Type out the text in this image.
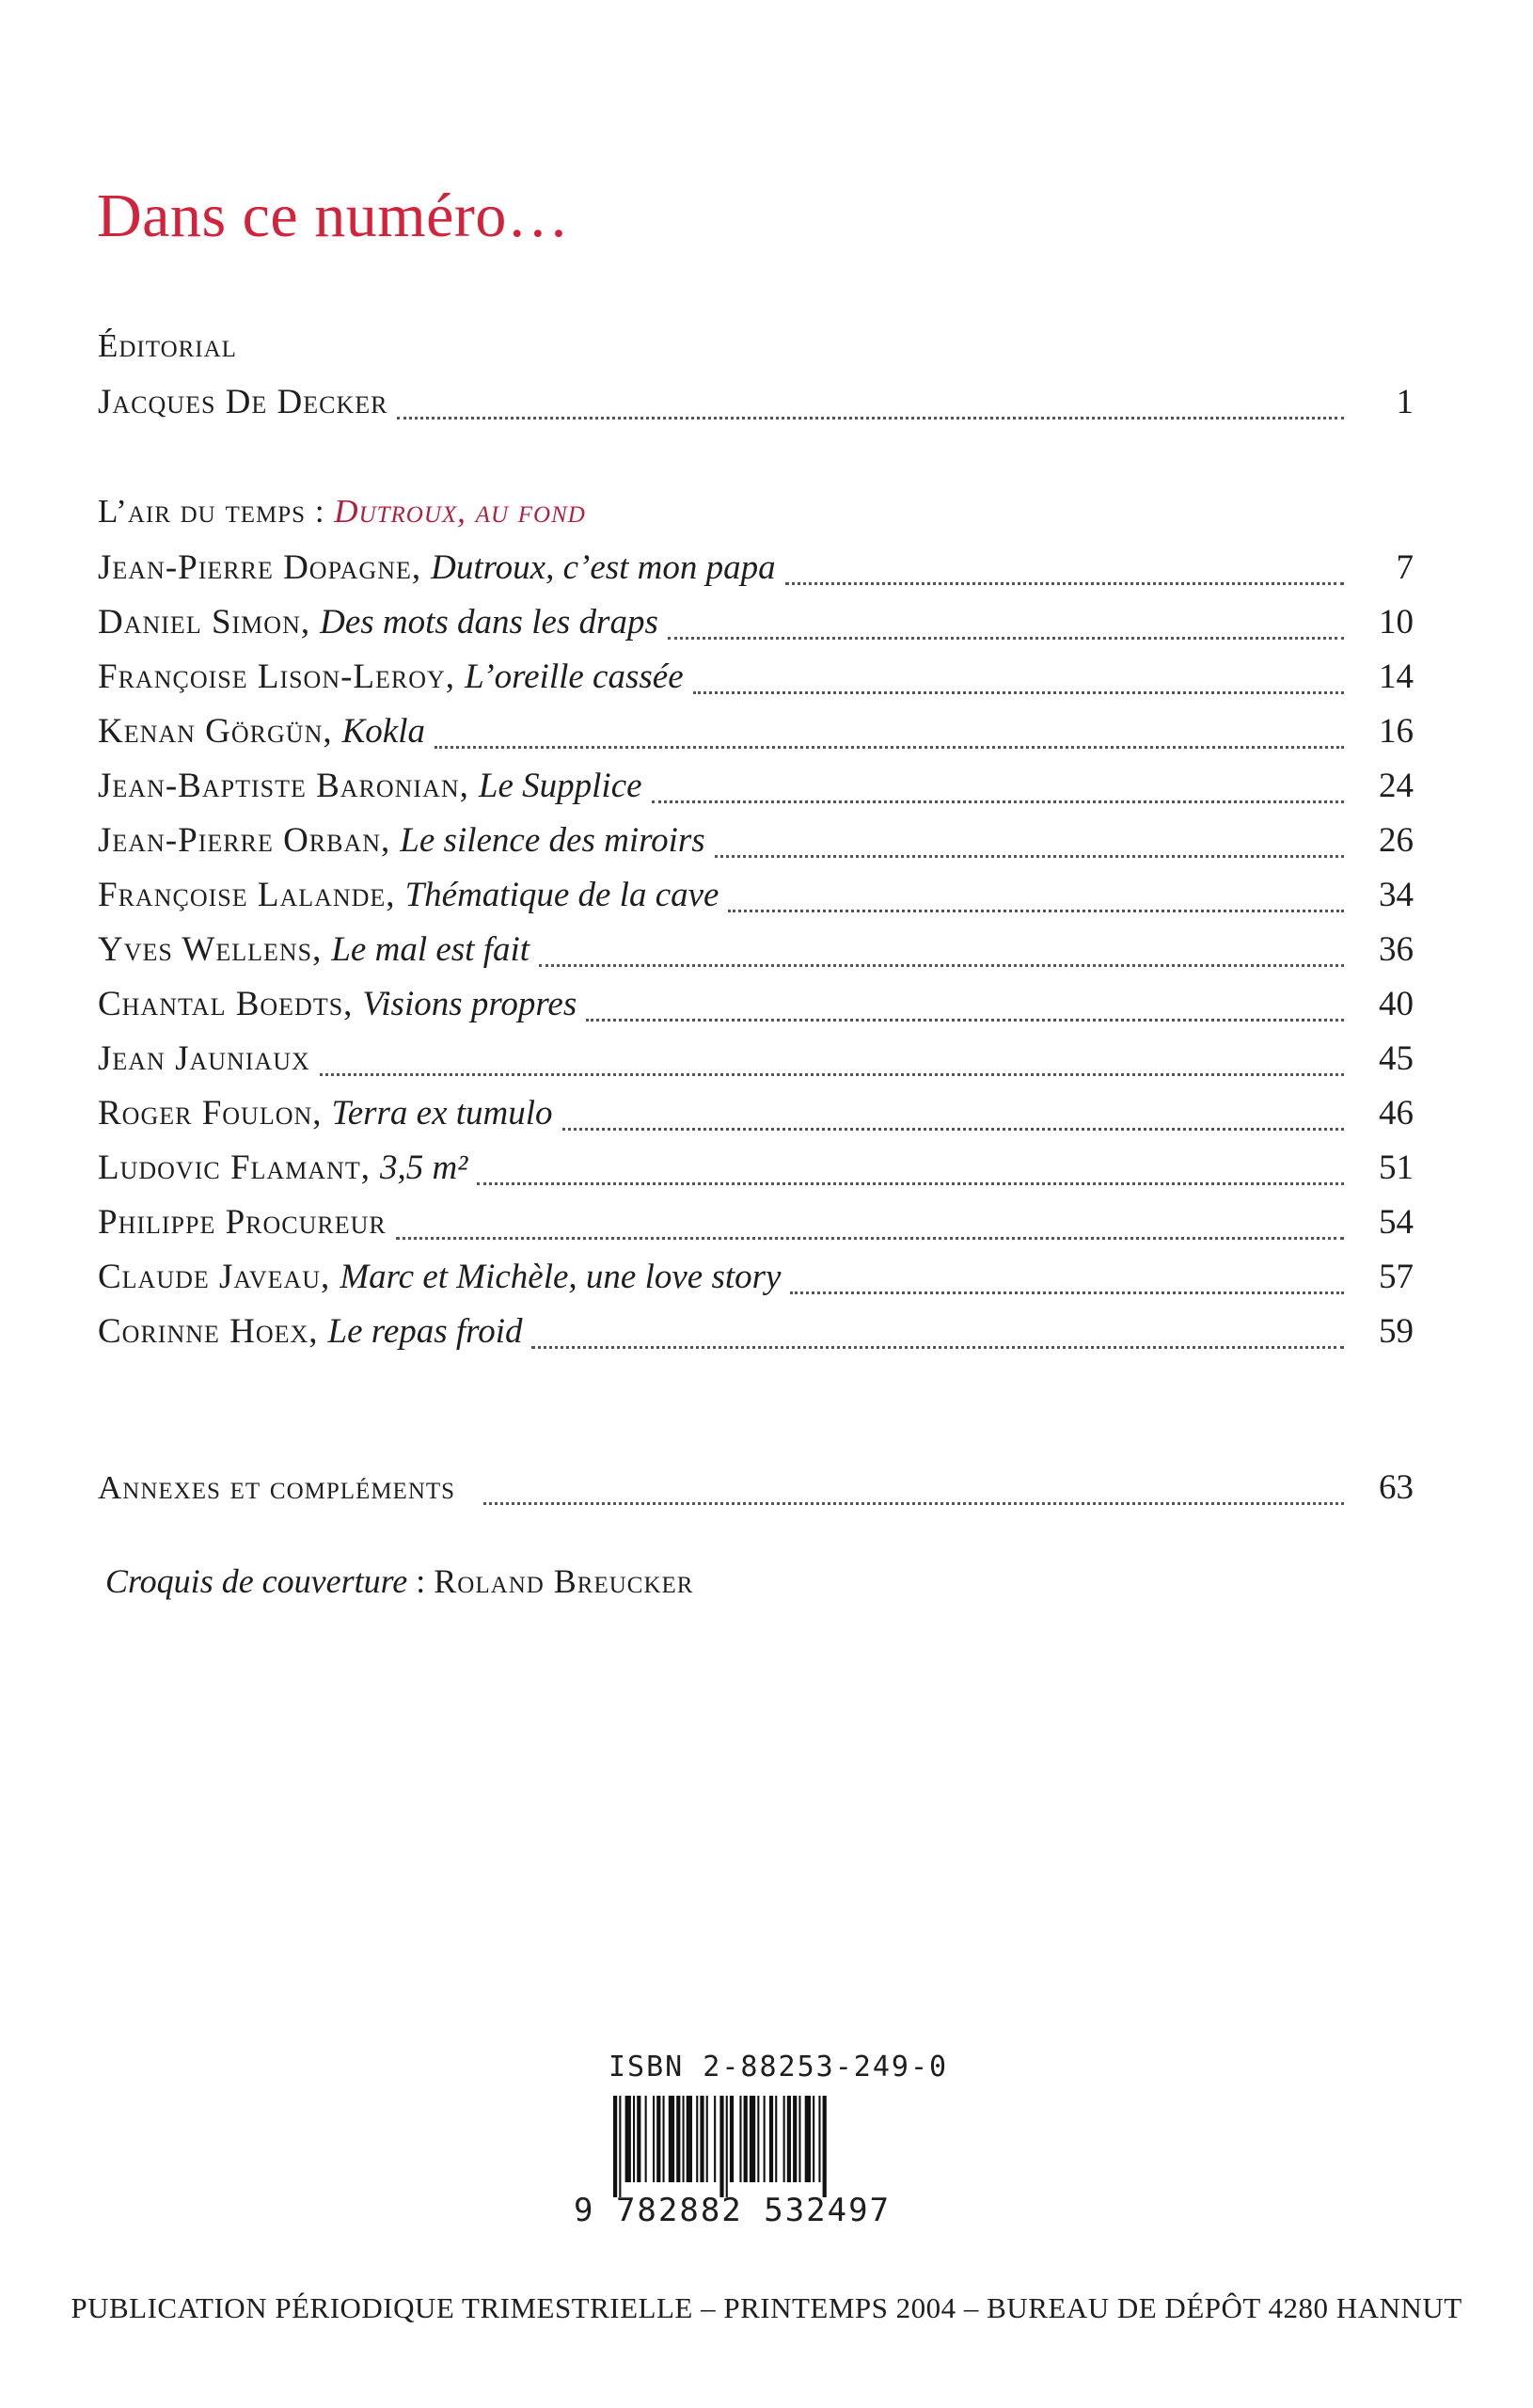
Dans ce numéro…
Éditorial
Jacques De Decker	1
L’air du temps : Dutroux, au fond
Jean-Pierre Dopagne, Dutroux, c’est mon papa	7
Daniel Simon, Des mots dans les draps	10
Françoise Lison-Leroy, L’oreille cassée	14
Kenan Görgün, Kokla	16
Jean-Baptiste Baronian, Le Supplice	24
Jean-Pierre Orban, Le silence des miroirs	26
Françoise Lalande, Thématique de la cave	34
Yves Wellens, Le mal est fait	36
Chantal Boedts, Visions propres	40
Jean Jauniaux	45
Roger Foulon, Terra ex tumulo	46
Ludovic Flamant, 3,5 m²	51
Philippe Procureur	54
Claude Javeau, Marc et Michèle, une love story	57
Corinne Hoex, Le repas froid	59
Annexes et compléments	63
Croquis de couverture : Roland Breucker
ISBN 2-88253-249-0
9 782882 532497
PUBLICATION PÉRIODIQUE TRIMESTRIELLE – PRINTEMPS 2004 – BUREAU DE DÉPÔT 4280 HANNUT
